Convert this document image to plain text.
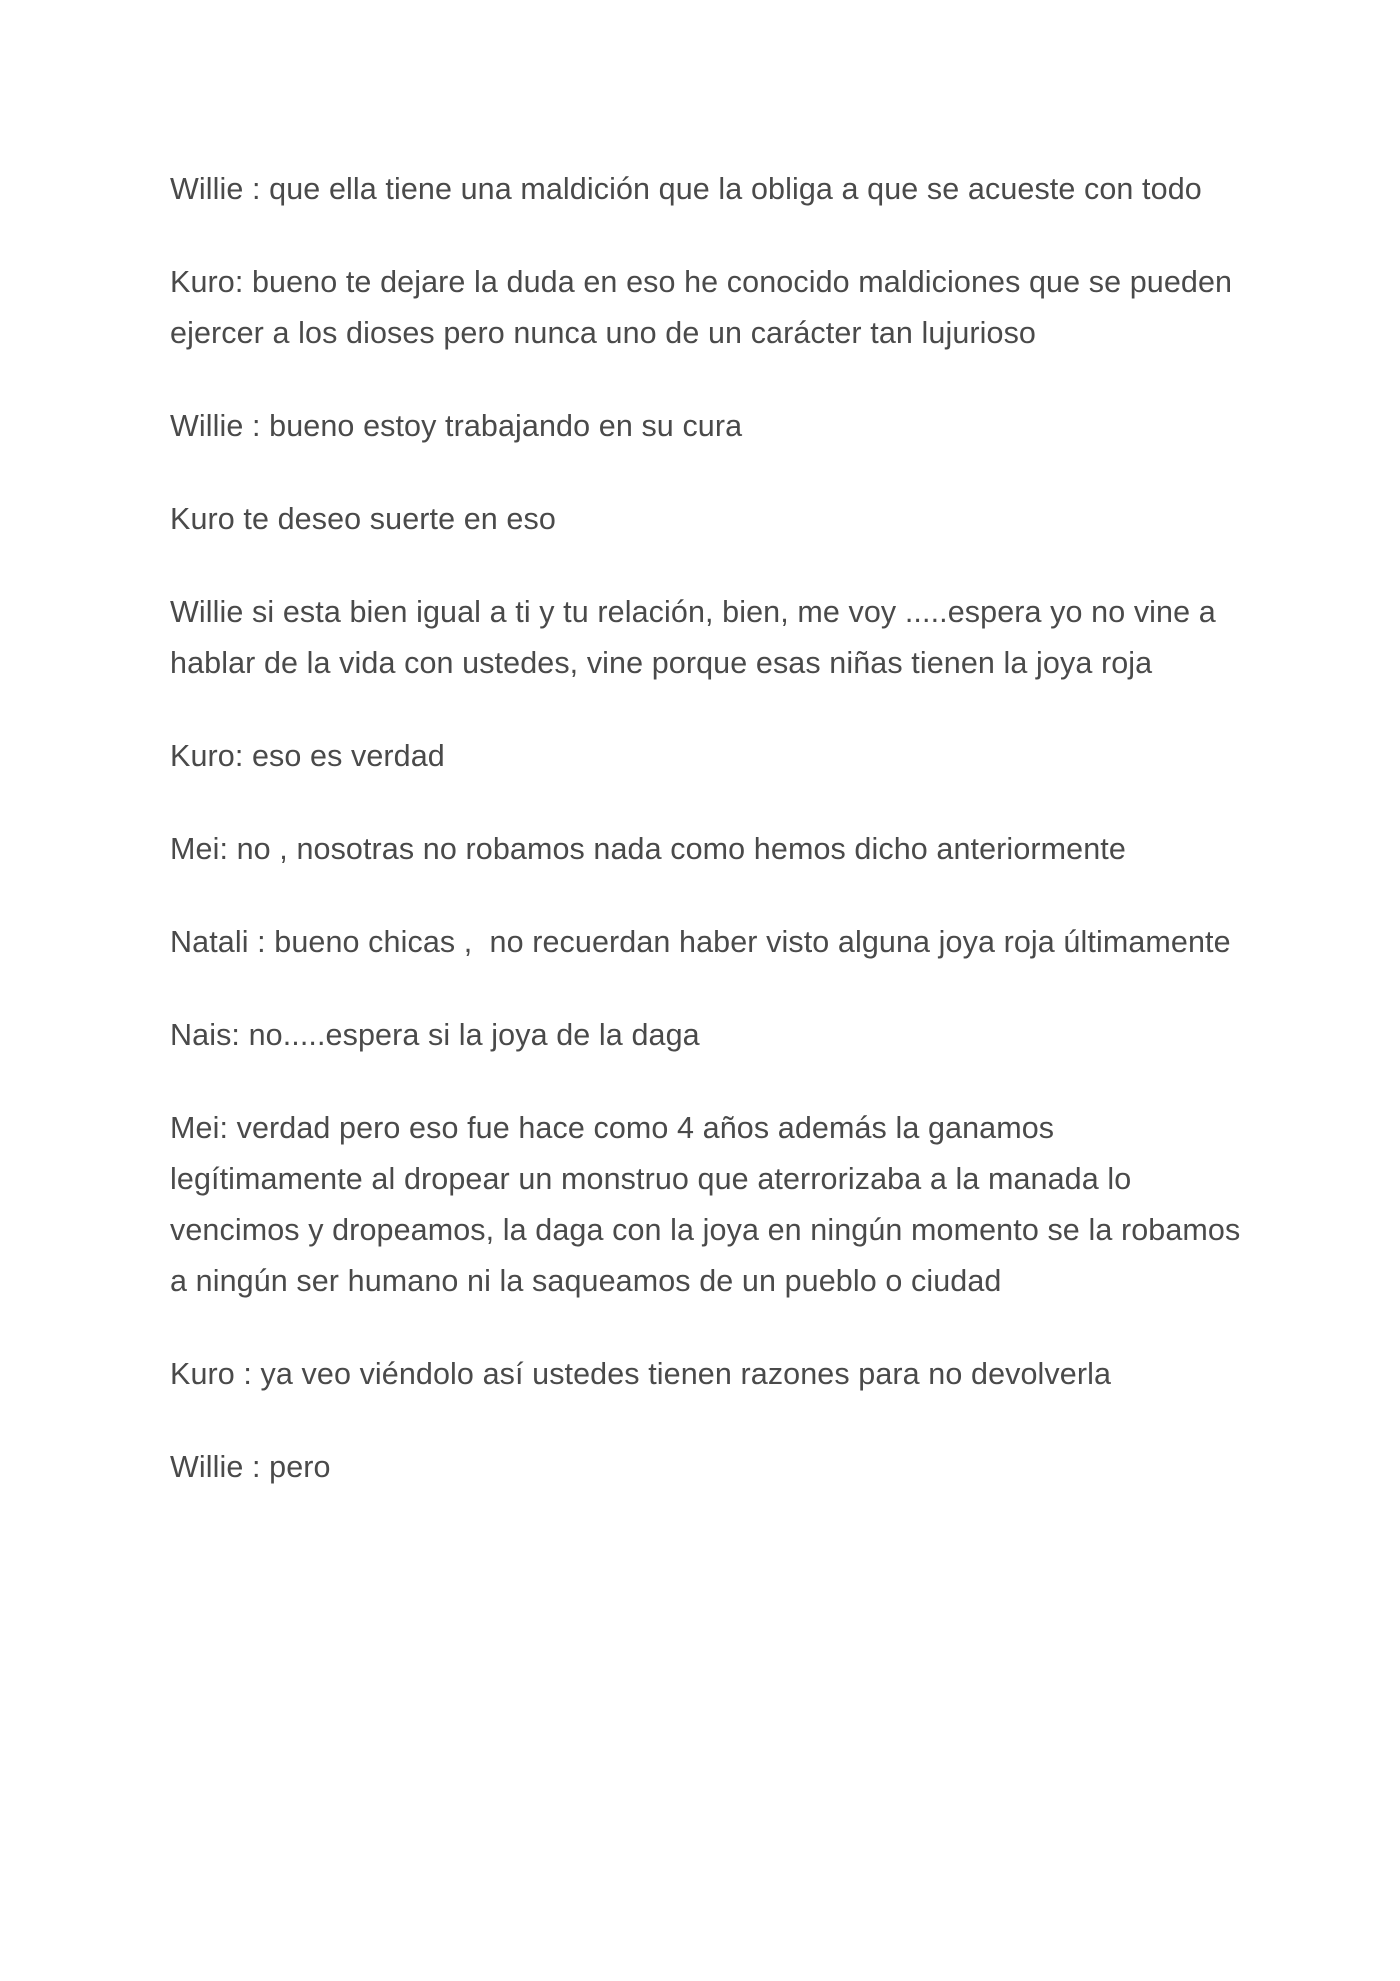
Willie : que ella tiene una maldición que la obliga a que se acueste con todo

Kuro: bueno te dejare la duda en eso he conocido maldiciones que se pueden ejercer a los dioses pero nunca uno de un carácter tan lujurioso

Willie : bueno estoy trabajando en su cura

Kuro te deseo suerte en eso

Willie si esta bien igual a ti y tu relación, bien, me voy .....espera yo no vine a hablar de la vida con ustedes, vine porque esas niñas tienen la joya roja

Kuro: eso es verdad

Mei: no , nosotras no robamos nada como hemos dicho anteriormente

Natali : bueno chicas ,  no recuerdan haber visto alguna joya roja últimamente

Nais: no.....espera si la joya de la daga

Mei: verdad pero eso fue hace como 4 años además la ganamos legítimamente al dropear un monstruo que aterrorizaba a la manada lo vencimos y dropeamos, la daga con la joya en ningún momento se la robamos a ningún ser humano ni la saqueamos de un pueblo o ciudad

Kuro : ya veo viéndolo así ustedes tienen razones para no devolverla

Willie : pero
